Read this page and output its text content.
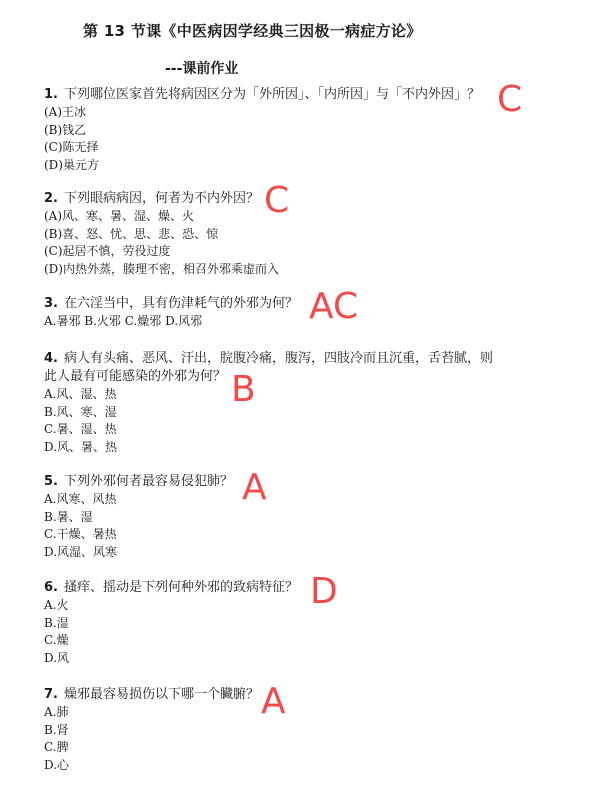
第 13 节课《中医病因学经典三因极一病症方论》
---课前作业
1. 下列哪位医家首先将病因区分为「外所因」、「内所因」与「不内外因」？
(A)王冰
(B)钱乙
(C)陈无择
(D)巢元方
C
2. 下列眼病病因，何者为不内外因？
(A)风、寒、暑、湿、燥、火
(B)喜、怒、忧、思、悲、恐、惊
(C)起居不慎，劳役过度
(D)内热外蒸，腠理不密，相召外邪乘虚而入
C
3. 在六淫当中，具有伤津耗气的外邪为何？
A.暑邪 B.火邪 C.燥邪 D.风邪	AC
4. 病人有头痛、恶风、汗出，脘腹冷痛，腹泻，四肢冷而且沉重，舌苔腻，则
此人最有可能感染的外邪为何？
A.风、湿、热
B.风、寒、湿
C.暑、湿、热
D.风、暑、热
B
5. 下列外邪何者最容易侵犯肺？
A.风寒、风热
B.暑、湿
C.干燥、暑热
D.风湿、风寒
A
6. 搔痒、摇动是下列何种外邪的致病特征？
A.火
B.湿
C.燥
D.风
D
7. 燥邪最容易损伤以下哪一个臟腑？
A.肺
B.肾
C.脾
D.心
A
